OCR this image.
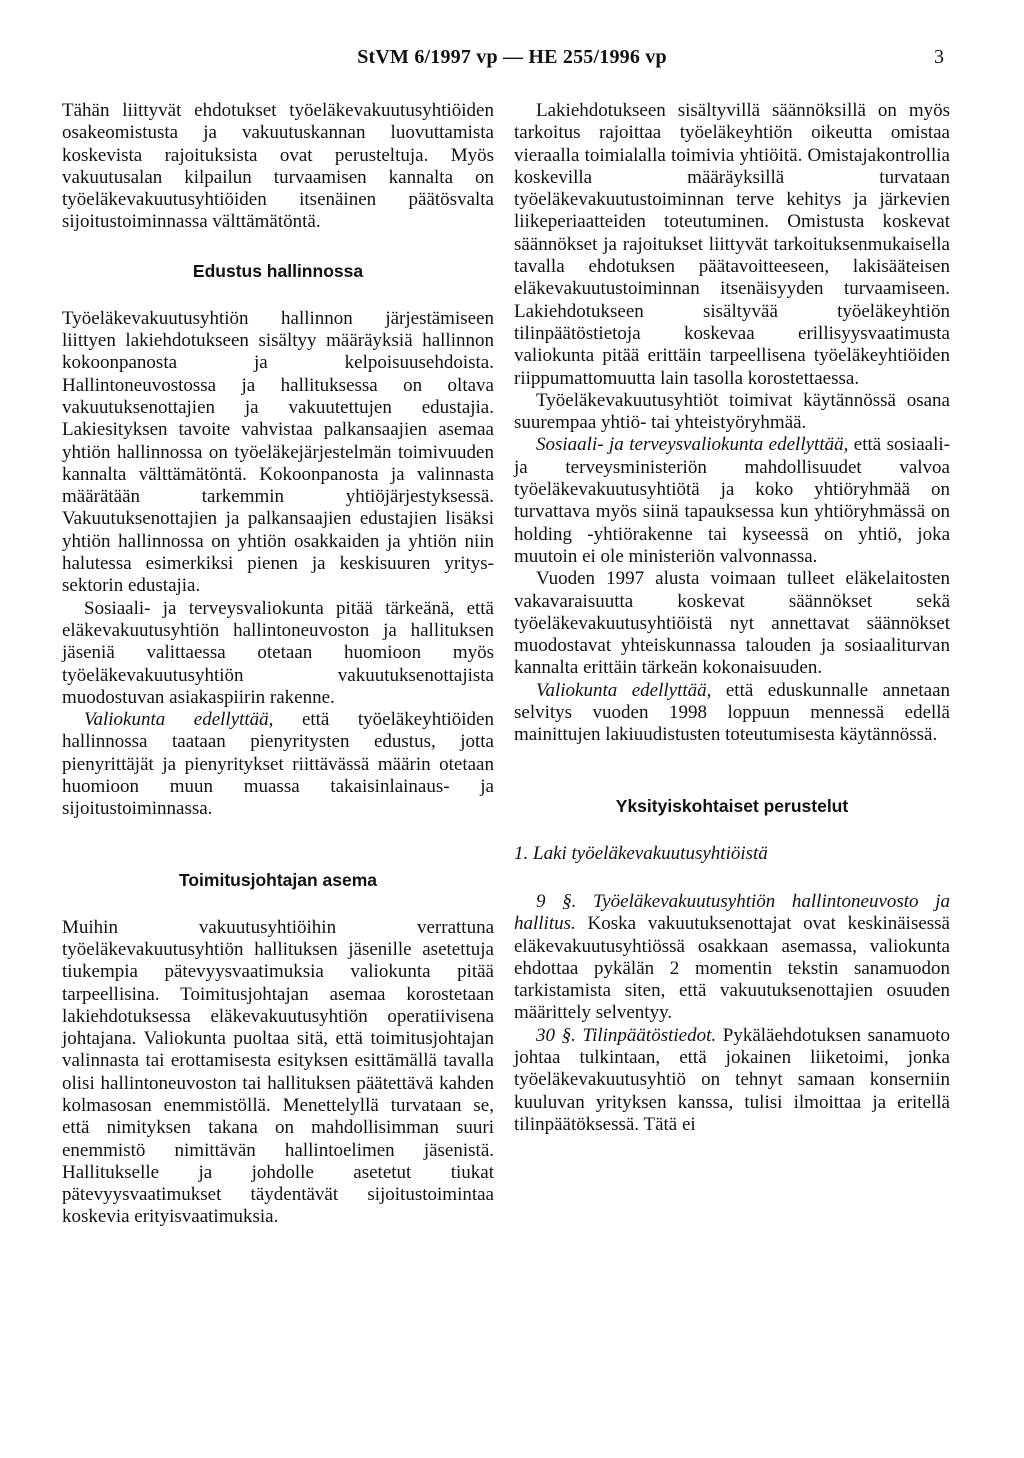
StVM 6/1997 vp — HE 255/1996 vp	3

Tähän liittyvät ehdotukset työeläkevakuutusyhtiöiden osakeomistusta ja vakuutuskannan luovuttamista koskevista rajoituksista ovat perusteltuja. Myös vakuutusalan kilpailun turvaamisen kannalta on työeläkevakuutusyhtiöiden itsenäinen päätösvalta sijoitustoiminnassa välttämätöntä.

Edustus hallinnossa

Työeläkevakuutusyhtiön hallinnon järjestämiseen liittyen lakiehdotukseen sisältyy määräyksiä hallinnon kokoonpanosta ja kelpoisuusehdoista. Hallintoneuvostossa ja hallituksessa on oltava vakuutuksenottajien ja vakuutettujen edustajia. Lakiesityksen tavoite vahvistaa palkansaajien asemaa yhtiön hallinnossa on työeläkejärjestelmän toimivuuden kannalta välttämätöntä. Kokoonpanosta ja valinnasta määrätään tarkemmin yhtiöjärjestyksessä. Vakuutuksenottajien ja palkansaajien edustajien lisäksi yhtiön hallinnossa on yhtiön osakkaiden ja yhtiön niin halutessa esimerkiksi pienen ja keskisuuren yrityssektorin edustajia.

Sosiaali- ja terveysvaliokunta pitää tärkeänä, että eläkevakuutusyhtiön hallintoneuvoston ja hallituksen jäseniä valittaessa otetaan huomioon myös työeläkevakuutusyhtiön vakuutuksenottajista muodostuvan asiakaspiirin rakenne.

Valiokunta edellyttää, että työeläkeyhtiöiden hallinnossa taataan pienyritysten edustus, jotta pienyrittäjät ja pienyritykset riittävässä määrin otetaan huomioon muun muassa takaisinlainaus- ja sijoitustoiminnassa.

Toimitusjohtajan asema

Muihin vakuutusyhtiöihin verrattuna työeläkevakuutusyhtiön hallituksen jäsenille asetettuja tiukempia pätevyysvaatimuksia valiokunta pitää tarpeellisina. Toimitusjohtajan asemaa korostetaan lakiehdotuksessa eläkevakuutusyhtiön operatiivisena johtajana. Valiokunta puoltaa sitä, että toimitusjohtajan valinnasta tai erottamisesta esityksen esittämällä tavalla olisi hallintoneuvoston tai hallituksen päätettävä kahden kolmasosan enemmistöllä. Menettelyllä turvataan se, että nimityksen takana on mahdollisimman suuri enemmistö nimittävän hallintoelimen jäsenistä. Hallitukselle ja johdolle asetetut tiukat pätevyysvaatimukset täydentävät sijoitustoimintaa koskevia erityisvaatimuksia.

Lakiehdotukseen sisältyvillä säännöksillä on myös tarkoitus rajoittaa työeläkeyhtiön oikeutta omistaa vieraalla toimialalla toimivia yhtiöitä. Omistajakontrollia koskevilla määräyksillä turvataan työeläkevakuutustoiminnan terve kehitys ja järkevien liikeperiaatteiden toteutuminen. Omistusta koskevat säännökset ja rajoitukset liittyvät tarkoituksenmukaisella tavalla ehdotuksen päätavoitteeseen, lakisääteisen eläkevakuutustoiminnan itsenäisyyden turvaamiseen. Lakiehdotukseen sisältyvää työeläkeyhtiön tilinpäätöstietoja koskevaa erillisyysvaatimusta valiokunta pitää erittäin tarpeellisena työeläkeyhtiöiden riippumattomuutta lain tasolla korostettaessa.

Työeläkevakuutusyhtiöt toimivat käytännössä osana suurempaa yhtiö- tai yhteistyöryhmää.

Sosiaali- ja terveysvaliokunta edellyttää, että sosiaali- ja terveysministeriön mahdollisuudet valvoa työeläkevakuutusyhtiötä ja koko yhtiöryhmää on turvattava myös siinä tapauksessa kun yhtiöryhmässä on holding -yhtiörakenne tai kyseessä on yhtiö, joka muutoin ei ole ministeriön valvonnassa.

Vuoden 1997 alusta voimaan tulleet eläkelaitosten vakavaraisuutta koskevat säännökset sekä työeläkevakuutusyhtiöistä nyt annettavat säännökset muodostavat yhteiskunnassa talouden ja sosiaaliturvan kannalta erittäin tärkeän kokonaisuuden.

Valiokunta edellyttää, että eduskunnalle annetaan selvitys vuoden 1998 loppuun mennessä edellä mainittujen lakiuudistusten toteutumisesta käytännössä.

Yksityiskohtaiset perustelut

1. Laki työeläkevakuutusyhtiöistä

9 §. Työeläkevakuutusyhtiön hallintoneuvosto ja hallitus. Koska vakuutuksenottajat ovat keskinäisessä eläkevakuutusyhtiössä osakkaan asemassa, valiokunta ehdottaa pykälän 2 momentin tekstin sanamuodon tarkistamista siten, että vakuutuksenottajien osuuden määrittely selventyy.

30 §. Tilinpäätöstiedot. Pykäläehdotuksen sanamuoto johtaa tulkintaan, että jokainen liiketoimi, jonka työeläkevakuutusyhtiö on tehnyt samaan konserniin kuuluvan yrityksen kanssa, tulisi ilmoittaa ja eritellä tilinpäätöksessä. Tätä ei
